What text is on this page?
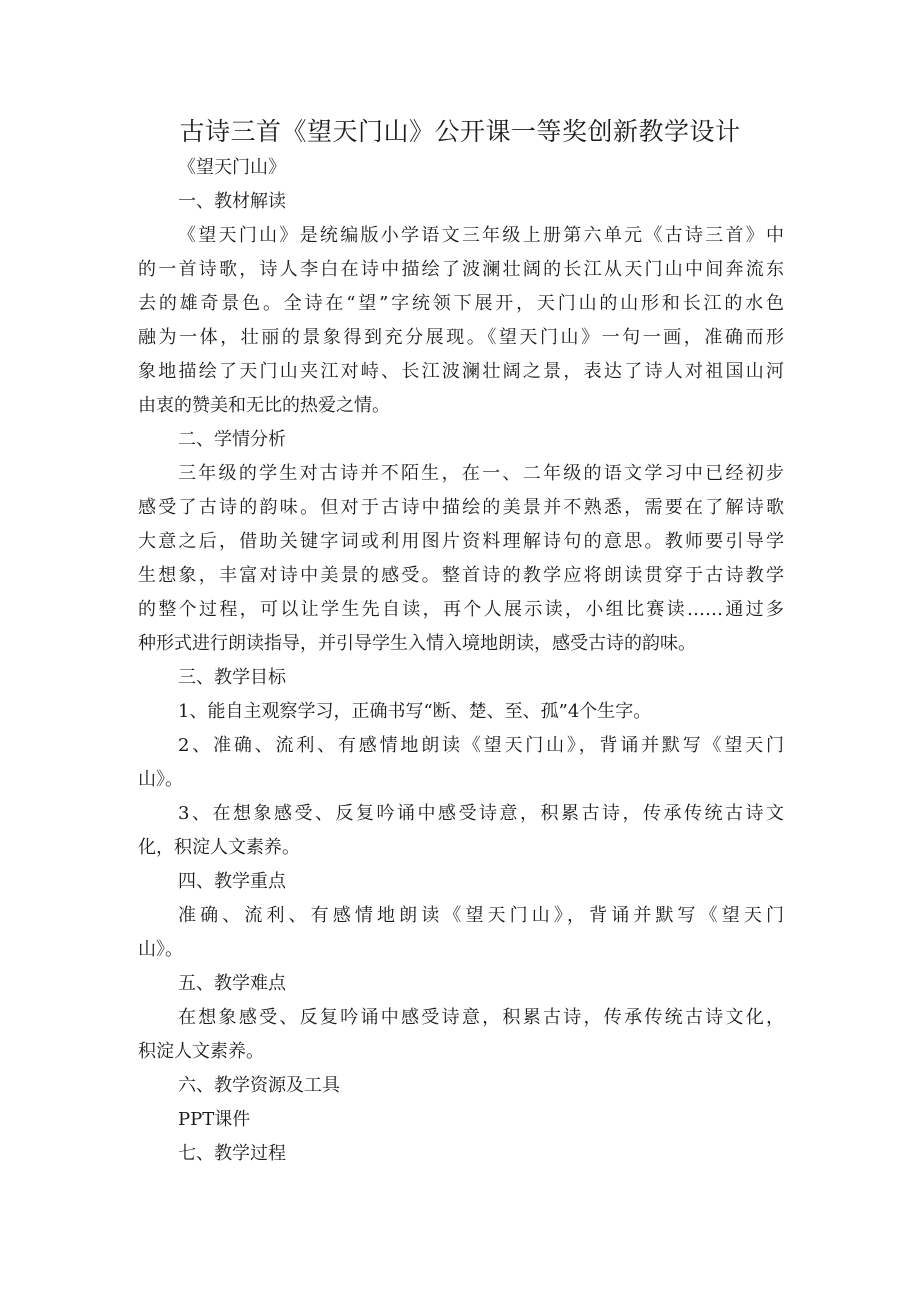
古诗三首《望天门山》公开课一等奖创新教学设计
《望天门山》
一、教材解读
《望天门山》是统编版小学语文三年级上册第六单元《古诗三首》中
的一首诗歌，诗人李白在诗中描绘了波澜壮阔的长江从天门山中间奔流东
去的雄奇景色。全诗在“望”字统领下展开，天门山的山形和长江的水色
融为一体，壮丽的景象得到充分展现。《望天门山》一句一画，准确而形
象地描绘了天门山夹江对峙、长江波澜壮阔之景，表达了诗人对祖国山河
由衷的赞美和无比的热爱之情。
二、学情分析
三年级的学生对古诗并不陌生，在一、二年级的语文学习中已经初步
感受了古诗的韵味。但对于古诗中描绘的美景并不熟悉，需要在了解诗歌
大意之后，借助关键字词或利用图片资料理解诗句的意思。教师要引导学
生想象，丰富对诗中美景的感受。整首诗的教学应将朗读贯穿于古诗教学
的整个过程，可以让学生先自读，再个人展示读，小组比赛读……通过多
种形式进行朗读指导，并引导学生入情入境地朗读，感受古诗的韵味。
三、教学目标
1、能自主观察学习，正确书写“断、楚、至、孤”4个生字。
2、准确、流利、有感情地朗读《望天门山》，背诵并默写《望天门
山》。
3、在想象感受、反复吟诵中感受诗意，积累古诗，传承传统古诗文
化，积淀人文素养。
四、教学重点
准确、流利、有感情地朗读《望天门山》，背诵并默写《望天门
山》。
五、教学难点
在想象感受、反复吟诵中感受诗意，积累古诗，传承传统古诗文化，
积淀人文素养。
六、教学资源及工具
PPT课件
七、教学过程
